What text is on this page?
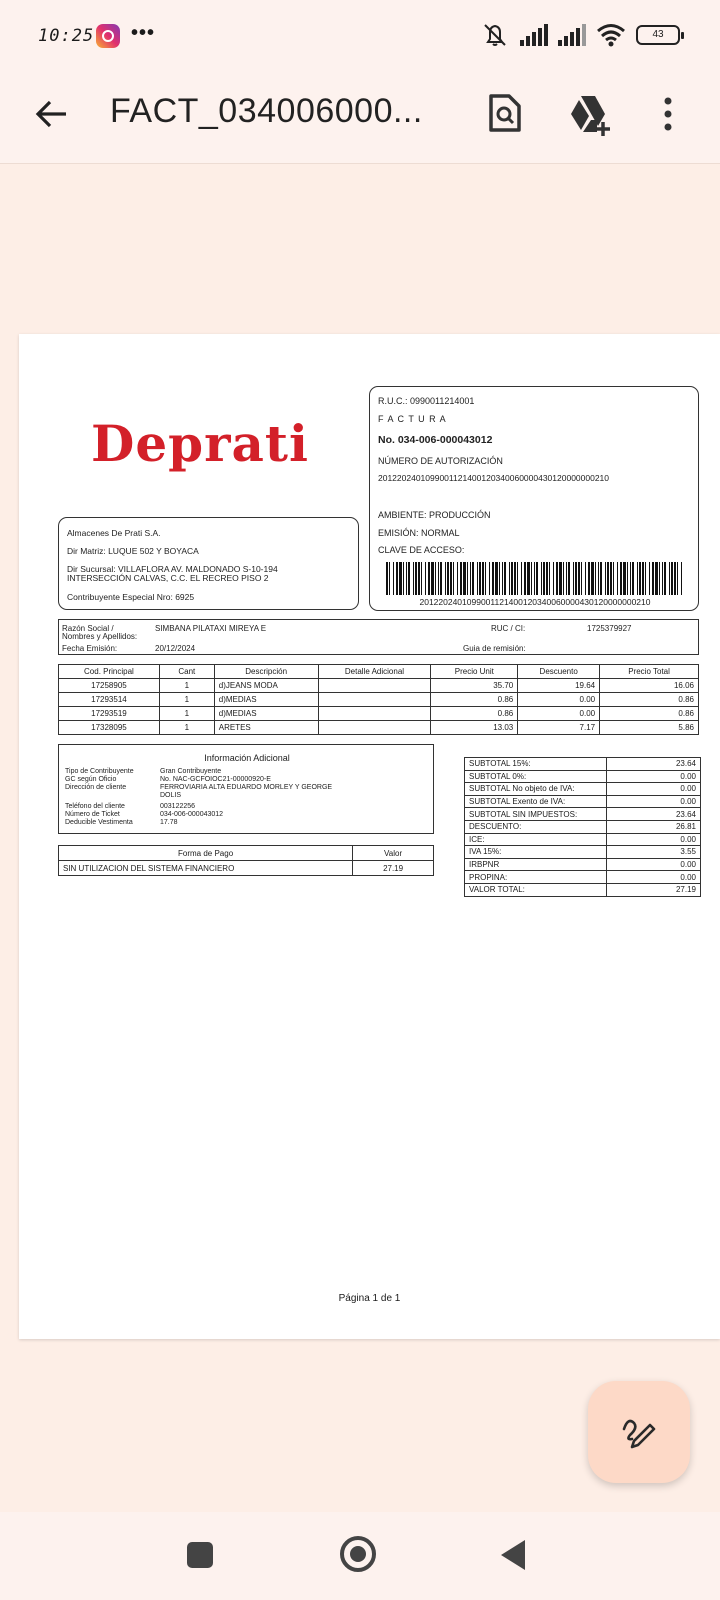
10:25 •••	43
FACT_034006000...
Deprati
R.U.C.: 0990011214001
F A C T U R A
No. 034-006-000043012
NÚMERO DE AUTORIZACIÓN
2012202401099001121400120340060000430120000000210
AMBIENTE: PRODUCCIÓN
EMISIÓN: NORMAL
CLAVE DE ACCESO:
2012202401099001121400120340060000430120000000210
Almacenes De Prati S.A.
Dir Matriz: LUQUE 502 Y BOYACA
Dir Sucursal: VILLAFLORA AV. MALDONADO S-10-194
INTERSECCIÓN CALVAS, C.C. EL RECREO PISO 2
Contribuyente Especial Nro: 6925
Razón Social /
Nombres y Apellidos:
SIMBANA PILATAXI MIREYA E	RUC / CI:	1725379927
Fecha Emisión:	20/12/2024	Guia de remisión:
Cod. Principal	Cant	Descripción	Detalle Adicional	Precio Unit	Descuento	Precio Total
17258905	1	d)JEANS MODA		35.70	19.64	16.06
17293514	1	d)MEDIAS		0.86	0.00	0.86
17293519	1	d)MEDIAS		0.86	0.00	0.86
17328095	1	ARETES		13.03	7.17	5.86
Información Adicional
Tipo de Contribuyente	Gran Contribuyente
GC según Oficio	No. NAC-GCFOIOC21-00000920-E
Dirección de cliente	FERROVIARIA ALTA EDUARDO MORLEY Y GEORGE DOLIS
Teléfono del cliente	003122256
Número de Ticket	034-006-000043012
Deducible Vestimenta	17.78
Forma de Pago	Valor
SIN UTILIZACION DEL SISTEMA FINANCIERO	27.19
SUBTOTAL 15%:	23.64
SUBTOTAL 0%:	0.00
SUBTOTAL No objeto de IVA:	0.00
SUBTOTAL Exento de IVA:	0.00
SUBTOTAL SIN IMPUESTOS:	23.64
DESCUENTO:	26.81
ICE:	0.00
IVA 15%:	3.55
IRBPNR	0.00
PROPINA:	0.00
VALOR TOTAL:	27.19
Página 1 de 1
